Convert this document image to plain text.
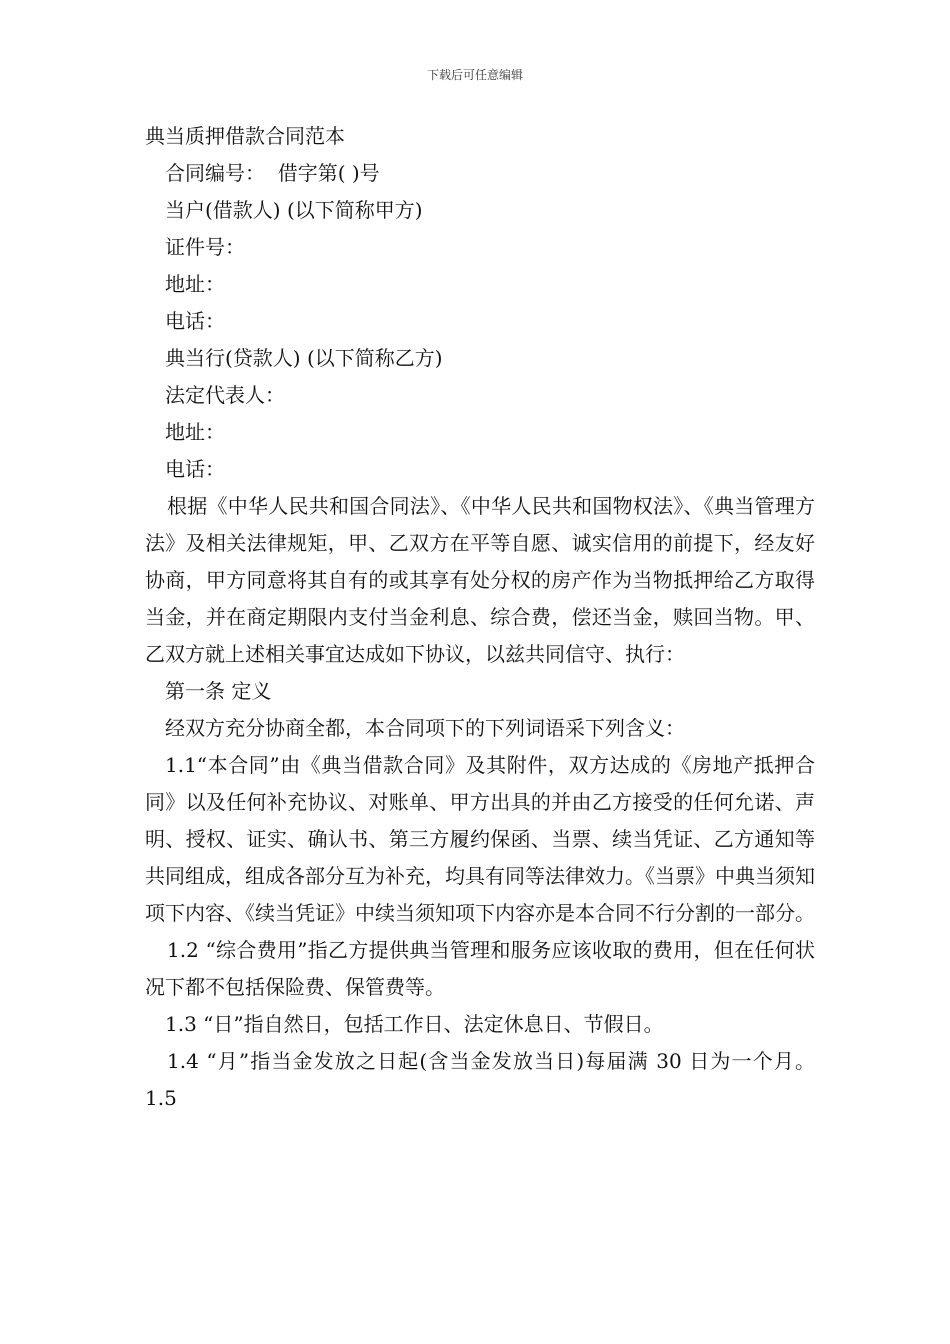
下载后可任意编辑
典当质押借款合同范本
合同编号：  借字第( )号
当户(借款人) (以下简称甲方)
证件号：
地址：
电话：
典当行(贷款人) (以下简称乙方)
法定代表人：
地址：
电话：
根据《中华人民共和国合同法》、《中华人民共和国物权法》、《典当管理方法》及相关法律规矩，甲、乙双方在平等自愿、诚实信用的前提下，经友好协商，甲方同意将其自有的或其享有处分权的房产作为当物抵押给乙方取得当金，并在商定期限内支付当金利息、综合费，偿还当金，赎回当物。甲、乙双方就上述相关事宜达成如下协议，以兹共同信守、执行：
第一条 定义
经双方充分协商全都，本合同项下的下列词语采下列含义：
1.1“本合同”由《典当借款合同》及其附件，双方达成的《房地产抵押合同》以及任何补充协议、对账单、甲方出具的并由乙方接受的任何允诺、声明、授权、证实、确认书、第三方履约保函、当票、续当凭证、乙方通知等共同组成，组成各部分互为补充，均具有同等法律效力。《当票》中典当须知项下内容、《续当凭证》中续当须知项下内容亦是本合同不行分割的一部分。
1.2 “综合费用”指乙方提供典当管理和服务应该收取的费用，但在任何状况下都不包括保险费、保管费等。
1.3 “日”指自然日，包括工作日、法定休息日、节假日。
1.4 “月”指当金发放之日起(含当金发放当日)每届满 30 日为一个月。 1.5
